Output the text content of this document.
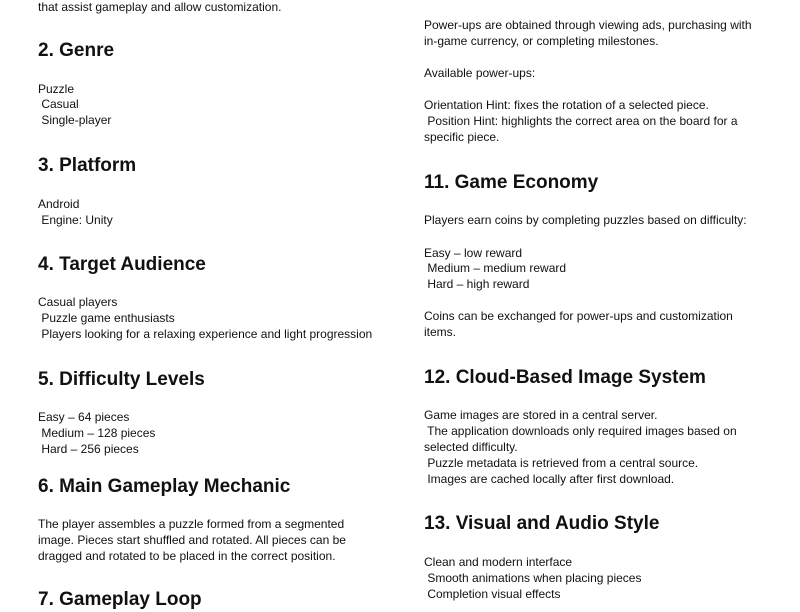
that assist gameplay and allow customization.
2. Genre
Puzzle
Casual
Single-player
3. Platform
Android
Engine: Unity
4. Target Audience
Casual players
Puzzle game enthusiasts
Players looking for a relaxing experience and light progression
5. Difficulty Levels
Easy – 64 pieces
Medium – 128 pieces
Hard – 256 pieces
6. Main Gameplay Mechanic
The player assembles a puzzle formed from a segmented
image. Pieces start shuffled and rotated. All pieces can be
dragged and rotated to be placed in the correct position.
7. Gameplay Loop
Power-ups are obtained through viewing ads, purchasing with
in-game currency, or completing milestones.
Available power-ups:
Orientation Hint: fixes the rotation of a selected piece.
Position Hint: highlights the correct area on the board for a
specific piece.
11. Game Economy
Players earn coins by completing puzzles based on difficulty:
Easy – low reward
Medium – medium reward
Hard – high reward
Coins can be exchanged for power-ups and customization
items.
12. Cloud-Based Image System
Game images are stored in a central server.
The application downloads only required images based on
selected difficulty.
Puzzle metadata is retrieved from a central source.
Images are cached locally after first download.
13. Visual and Audio Style
Clean and modern interface
Smooth animations when placing pieces
Completion visual effects
